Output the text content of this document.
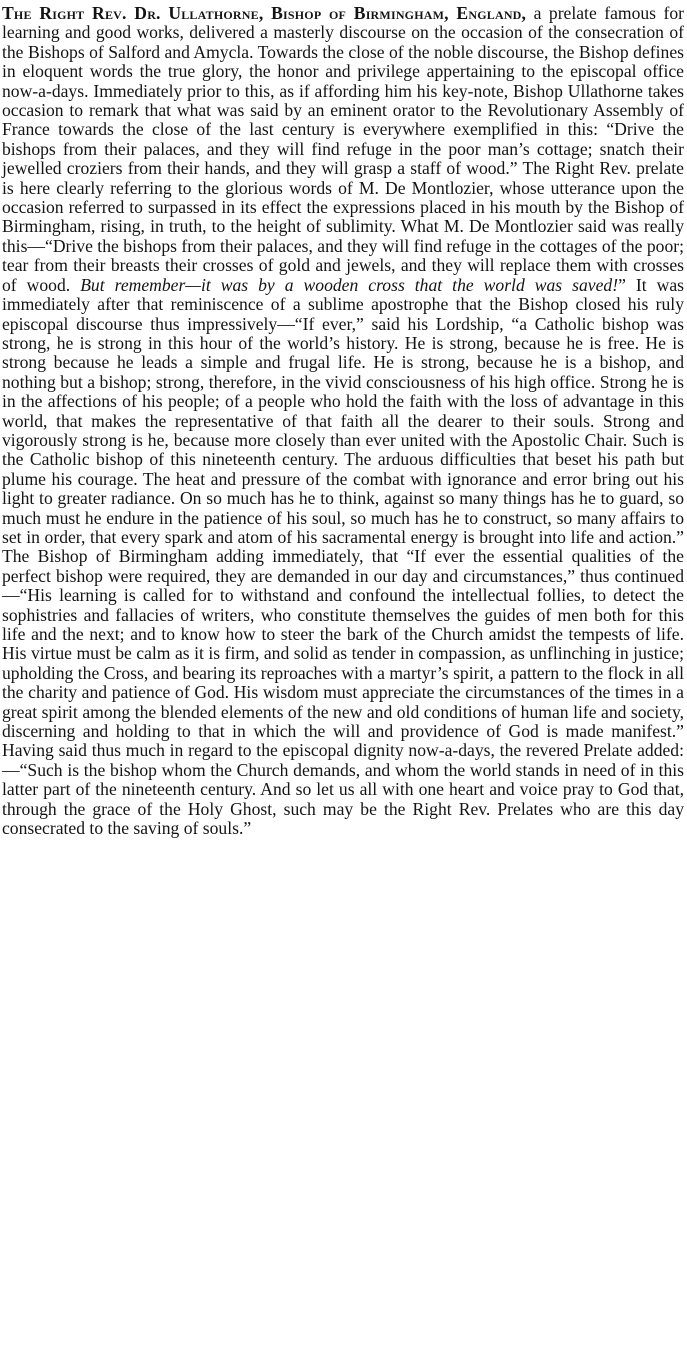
The Right Rev. Dr. Ullathorne, Bishop of Birmingham, England, a prelate famous for learning and good works, delivered a masterly discourse on the occasion of the consecration of the Bishops of Salford and Amycla. Towards the close of the noble discourse, the Bishop defines in eloquent words the true glory, the honor and privilege appertaining to the episcopal office now-a-days. Immediately prior to this, as if affording him his key-note, Bishop Ullathorne takes occasion to remark that what was said by an eminent orator to the Revolutionary Assembly of France towards the close of the last century is everywhere exemplified in this: “Drive the bishops from their palaces, and they will find refuge in the poor man’s cottage; snatch their jewelled croziers from their hands, and they will grasp a staff of wood.” The Right Rev. prelate is here clearly referring to the glorious words of M. De Montlozier, whose utterance upon the occasion referred to surpassed in its effect the expressions placed in his mouth by the Bishop of Birmingham, rising, in truth, to the height of sublimity. What M. De Montlozier said was really this—“Drive the bishops from their palaces, and they will find refuge in the cottages of the poor; tear from their breasts their crosses of gold and jewels, and they will replace them with crosses of wood. But remember—it was by a wooden cross that the world was saved!” It was immediately after that reminiscence of a sublime apostrophe that the Bishop closed his ruly episcopal discourse thus impressively—“If ever,” said his Lordship, “a Catholic bishop was strong, he is strong in this hour of the world’s history. He is strong, because he is free. He is strong because he leads a simple and frugal life. He is strong, because he is a bishop, and nothing but a bishop; strong, therefore, in the vivid consciousness of his high office. Strong he is in the affections of his people; of a people who hold the faith with the loss of advantage in this world, that makes the representative of that faith all the dearer to their souls. Strong and vigorously strong is he, because more closely than ever united with the Apostolic Chair. Such is the Catholic bishop of this nineteenth century. The arduous difficulties that beset his path but plume his courage. The heat and pressure of the combat with ignorance and error bring out his light to greater radiance. On so much has he to think, against so many things has he to guard, so much must he endure in the patience of his soul, so much has he to construct, so many affairs to set in order, that every spark and atom of his sacramental energy is brought into life and action.” The Bishop of Birmingham adding immediately, that “If ever the essential qualities of the perfect bishop were required, they are demanded in our day and circumstances,” thus continued —“His learning is called for to withstand and confound the intellectual follies, to detect the sophistries and fallacies of writers, who constitute themselves the guides of men both for this life and the next; and to know how to steer the bark of the Church amidst the tempests of life. His virtue must be calm as it is firm, and solid as tender in compassion, as unflinching in justice; upholding the Cross, and bearing its reproaches with a martyr’s spirit, a pattern to the flock in all the charity and patience of God. His wisdom must appreciate the circumstances of the times in a great spirit among the blended elements of the new and old conditions of human life and society, discerning and holding to that in which the will and providence of God is made manifest.” Having said thus much in regard to the episcopal dignity now-a-days, the revered Prelate added:—“Such is the bishop whom the Church demands, and whom the world stands in need of in this latter part of the nineteenth century. And so let us all with one heart and voice pray to God that, through the grace of the Holy Ghost, such may be the Right Rev. Prelates who are this day consecrated to the saving of souls.”
